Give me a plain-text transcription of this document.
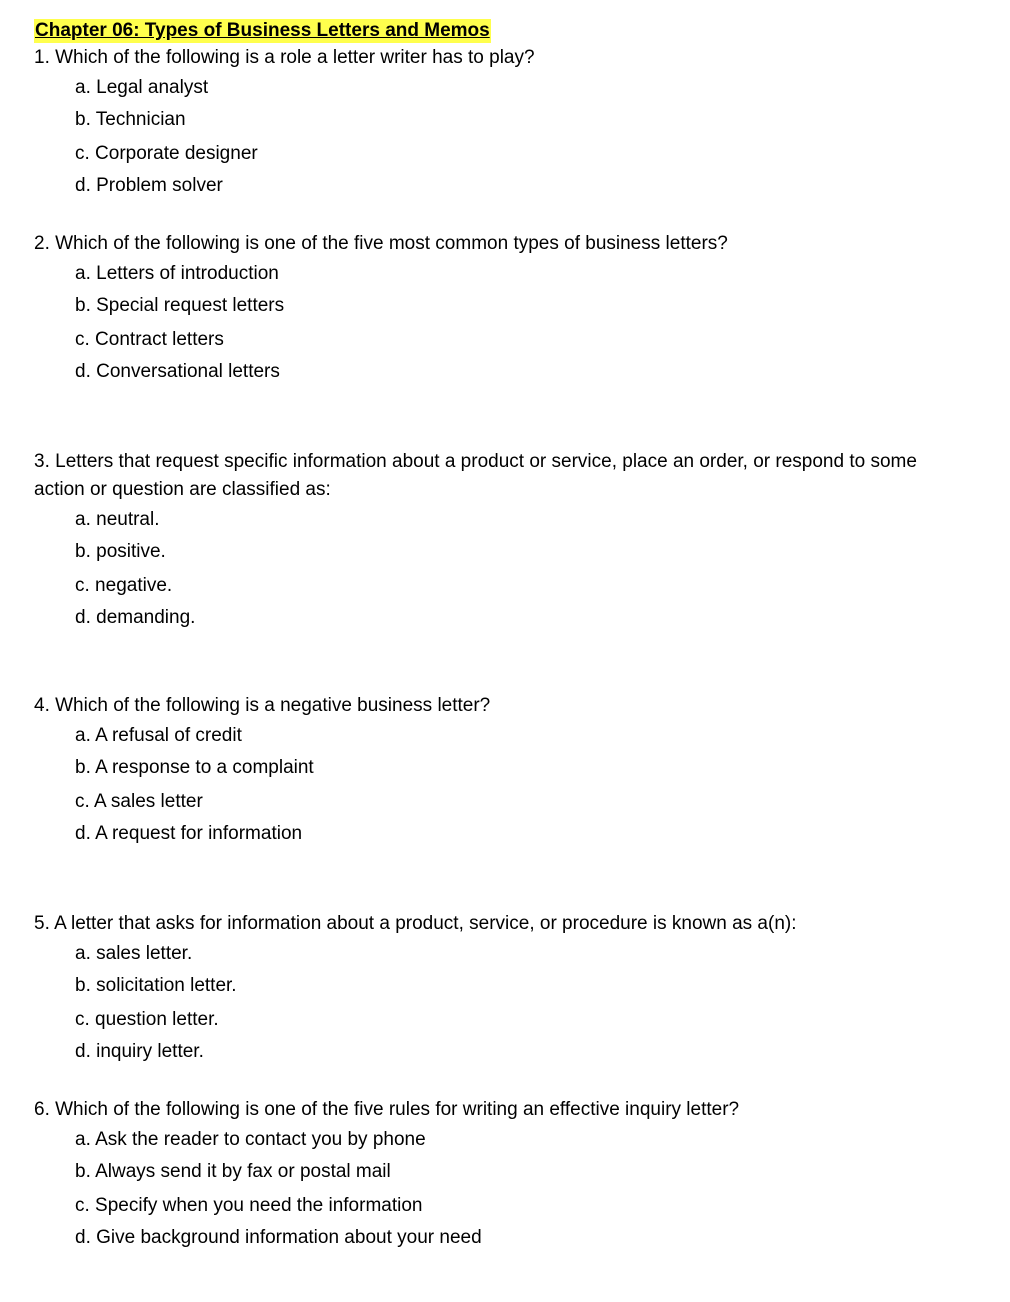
Chapter 06: Types of Business Letters and Memos
1. Which of the following is a role a letter writer has to play?
a. Legal analyst
b. Technician
c. Corporate designer
d. Problem solver
2. Which of the following is one of the five most common types of business letters?
a. Letters of introduction
b. Special request letters
c. Contract letters
d. Conversational letters
3. Letters that request specific information about a product or service, place an order, or respond to some action or question are classified as:
a. neutral.
b. positive.
c. negative.
d. demanding.
4. Which of the following is a negative business letter?
a. A refusal of credit
b. A response to a complaint
c. A sales letter
d. A request for information
5. A letter that asks for information about a product, service, or procedure is known as a(n):
a. sales letter.
b. solicitation letter.
c. question letter.
d. inquiry letter.
6. Which of the following is one of the five rules for writing an effective inquiry letter?
a. Ask the reader to contact you by phone
b. Always send it by fax or postal mail
c. Specify when you need the information
d. Give background information about your need
